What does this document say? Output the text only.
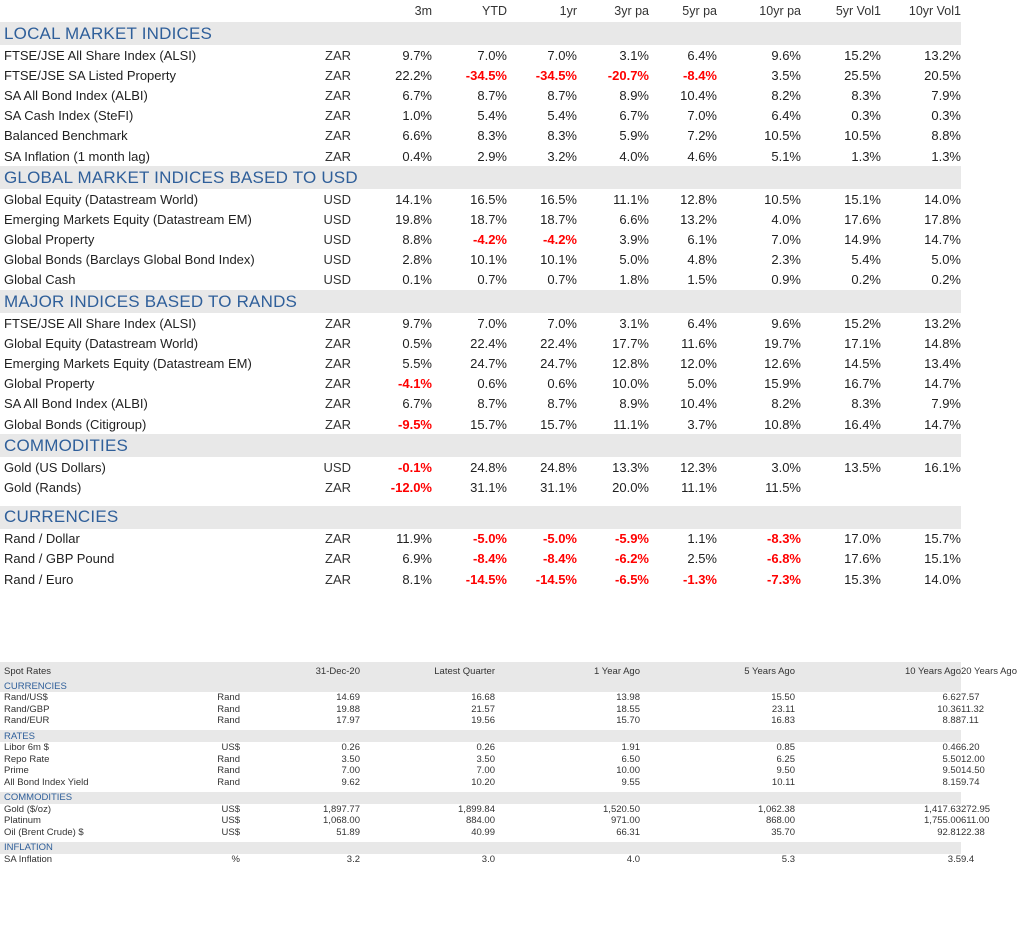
		3m	YTD	1yr	3yr pa	5yr pa	10yr pa	5yr Vol1	10yr Vol1
LOCAL MARKET INDICES									
FTSE/JSE All Share Index (ALSI)	ZAR	9.7%	7.0%	7.0%	3.1%	6.4%	9.6%	15.2%	13.2%
FTSE/JSE SA Listed Property	ZAR	22.2%	-34.5%	-34.5%	-20.7%	-8.4%	3.5%	25.5%	20.5%
SA All Bond Index (ALBI)	ZAR	6.7%	8.7%	8.7%	8.9%	10.4%	8.2%	8.3%	7.9%
SA Cash Index (SteFI)	ZAR	1.0%	5.4%	5.4%	6.7%	7.0%	6.4%	0.3%	0.3%
Balanced Benchmark	ZAR	6.6%	8.3%	8.3%	5.9%	7.2%	10.5%	10.5%	8.8%
SA Inflation (1 month lag)	ZAR	0.4%	2.9%	3.2%	4.0%	4.6%	5.1%	1.3%	1.3%
GLOBAL MARKET INDICES BASED TO USD									
Global Equity (Datastream World)	USD	14.1%	16.5%	16.5%	11.1%	12.8%	10.5%	15.1%	14.0%
Emerging Markets Equity (Datastream EM)	USD	19.8%	18.7%	18.7%	6.6%	13.2%	4.0%	17.6%	17.8%
Global Property	USD	8.8%	-4.2%	-4.2%	3.9%	6.1%	7.0%	14.9%	14.7%
Global Bonds (Barclays Global Bond Index)	USD	2.8%	10.1%	10.1%	5.0%	4.8%	2.3%	5.4%	5.0%
Global Cash	USD	0.1%	0.7%	0.7%	1.8%	1.5%	0.9%	0.2%	0.2%
MAJOR INDICES BASED TO RANDS									
FTSE/JSE All Share Index (ALSI)	ZAR	9.7%	7.0%	7.0%	3.1%	6.4%	9.6%	15.2%	13.2%
Global Equity (Datastream World)	ZAR	0.5%	22.4%	22.4%	17.7%	11.6%	19.7%	17.1%	14.8%
Emerging Markets Equity (Datastream EM)	ZAR	5.5%	24.7%	24.7%	12.8%	12.0%	12.6%	14.5%	13.4%
Global Property	ZAR	-4.1%	0.6%	0.6%	10.0%	5.0%	15.9%	16.7%	14.7%
SA All Bond Index (ALBI)	ZAR	6.7%	8.7%	8.7%	8.9%	10.4%	8.2%	8.3%	7.9%
Global Bonds (Citigroup)	ZAR	-9.5%	15.7%	15.7%	11.1%	3.7%	10.8%	16.4%	14.7%
COMMODITIES									
Gold (US Dollars)	USD	-0.1%	24.8%	24.8%	13.3%	12.3%	3.0%	13.5%	16.1%
Gold (Rands)	ZAR	-12.0%	31.1%	31.1%	20.0%	11.1%	11.5%		

CURRENCIES									
Rand / Dollar	ZAR	11.9%	-5.0%	-5.0%	-5.9%	1.1%	-8.3%	17.0%	15.7%
Rand / GBP Pound	ZAR	6.9%	-8.4%	-8.4%	-6.2%	2.5%	-6.8%	17.6%	15.1%
Rand / Euro	ZAR	8.1%	-14.5%	-14.5%	-6.5%	-1.3%	-7.3%	15.3%	14.0%
Spot Rates		31-Dec-20	Latest Quarter	1 Year Ago	5 Years Ago	10 Years Ago	20 Years Ago
CURRENCIES							
Rand/US$	Rand	14.69	16.68	13.98	15.50	6.62	7.57
Rand/GBP	Rand	19.88	21.57	18.55	23.11	10.36	11.32
Rand/EUR	Rand	17.97	19.56	15.70	16.83	8.88	7.11

RATES							
Libor 6m $	US$	0.26	0.26	1.91	0.85	0.46	6.20
Repo Rate	Rand	3.50	3.50	6.50	6.25	5.50	12.00
Prime	Rand	7.00	7.00	10.00	9.50	9.50	14.50
All Bond Index Yield	Rand	9.62	10.20	9.55	10.11	8.15	9.74

COMMODITIES							
Gold ($/oz)	US$	1,897.77	1,899.84	1,520.50	1,062.38	1,417.63	272.95
Platinum	US$	1,068.00	884.00	971.00	868.00	1,755.00	611.00
Oil (Brent Crude) $	US$	51.89	40.99	66.31	35.70	92.81	22.38

INFLATION							
SA Inflation	%	3.2	3.0	4.0	5.3	3.5	9.4
